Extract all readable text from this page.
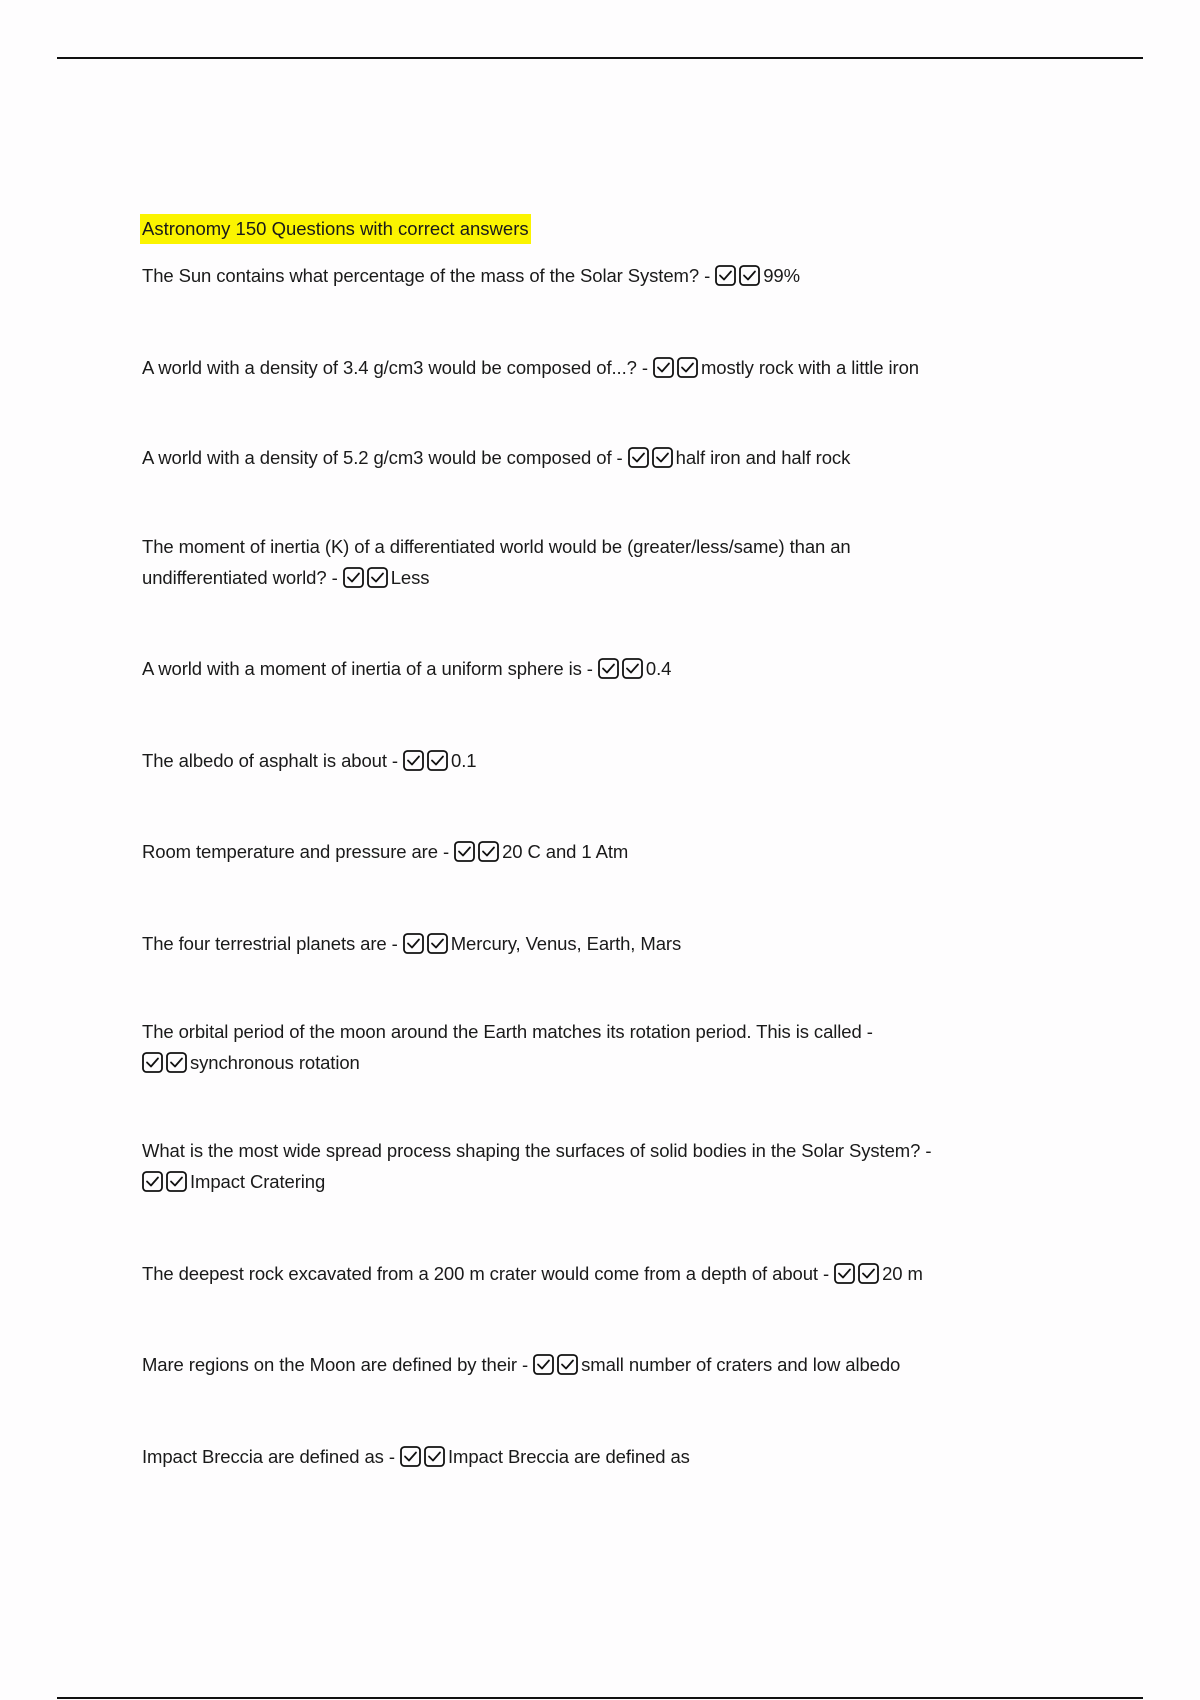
Astronomy 150 Questions with correct answers
The Sun contains what percentage of the mass of the Solar System? -	99%
A world with a density of 3.4 g/cm3 would be composed of...? -	mostly rock with a little iron
A world with a density of 5.2 g/cm3 would be composed of -	half iron and half rock
The moment of inertia (K) of a differentiated world would be (greater/less/same) than an undifferentiated world? -	Less
A world with a moment of inertia of a uniform sphere is -	0.4
The albedo of asphalt is about -	0.1
Room temperature and pressure are -	20 C and 1 Atm
The four terrestrial planets are -	Mercury, Venus, Earth, Mars
The orbital period of the moon around the Earth matches its rotation period. This is called -

synchronous rotation
What is the most wide spread process shaping the surfaces of solid bodies in the Solar System? -

Impact Cratering
The deepest rock excavated from a 200 m crater would come from a depth of about -	20 m
Mare regions on the Moon are defined by their -	small number of craters and low albedo
Impact Breccia are defined as -	Impact Breccia are defined as
